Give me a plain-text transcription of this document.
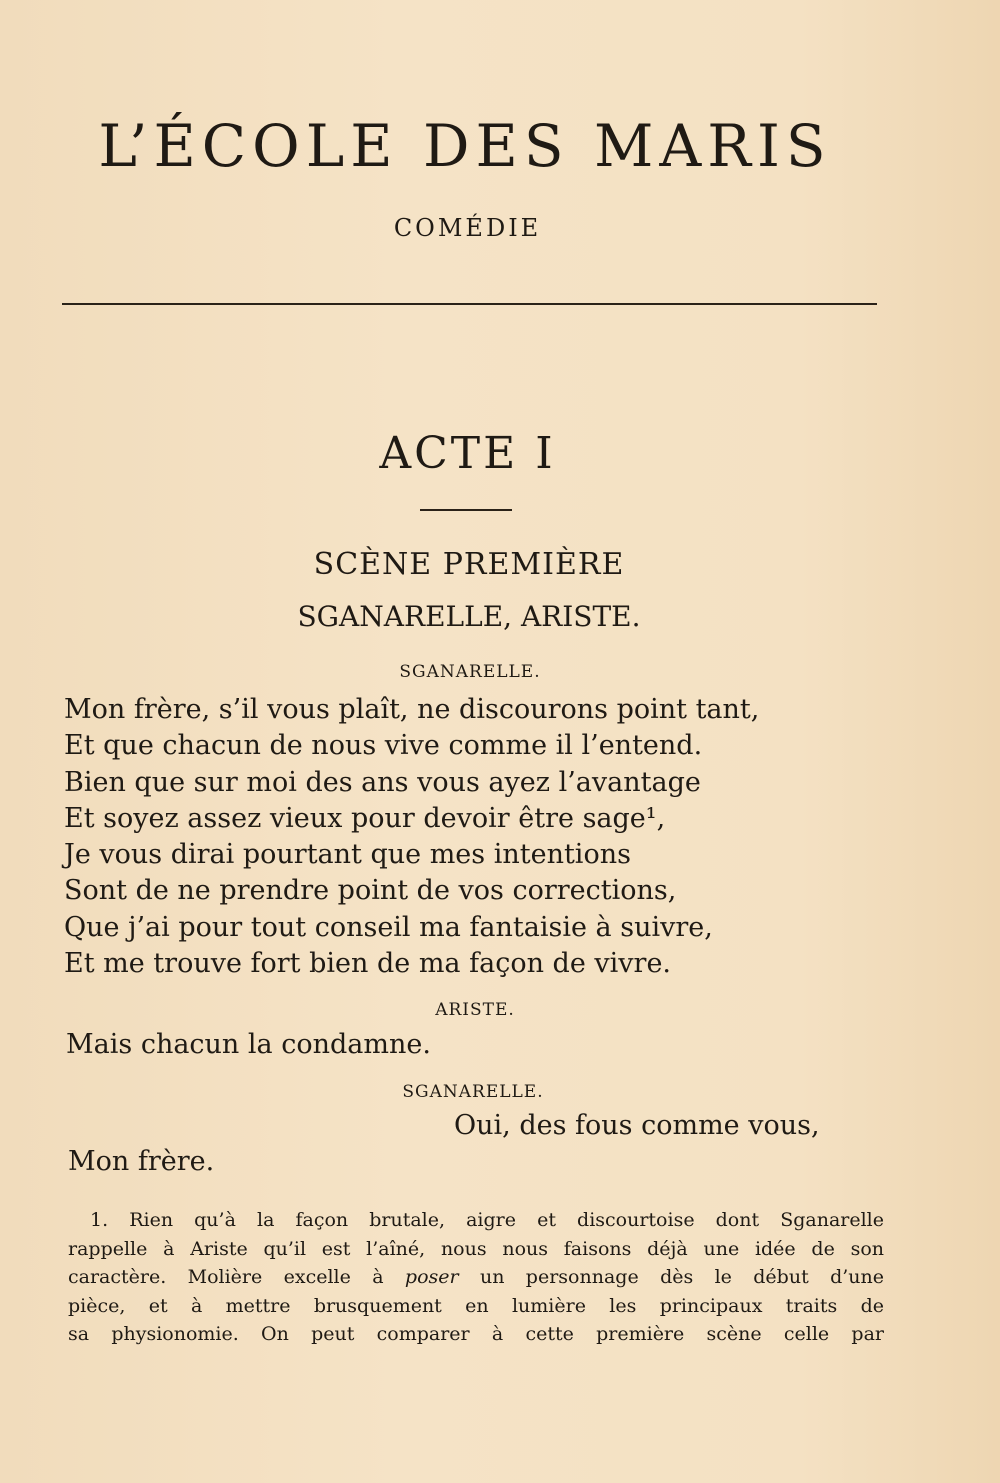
L’ÉCOLE DES MARIS
COMÉDIE
ACTE I
SCÈNE PREMIÈRE
SGANARELLE, ARISTE.
SGANARELLE.
Mon frère, s’il vous plaît, ne discourons point tant,
Et que chacun de nous vive comme il l’entend.
Bien que sur moi des ans vous ayez l’avantage
Et soyez assez vieux pour devoir être sage¹,
Je vous dirai pourtant que mes intentions
Sont de ne prendre point de vos corrections,
Que j’ai pour tout conseil ma fantaisie à suivre,
Et me trouve fort bien de ma façon de vivre.
ARISTE.
Mais chacun la condamne.
SGANARELLE.
Oui, des fous comme vous,
Mon frère.
1. Rien qu’à la façon brutale, aigre et discourtoise dont Sganarelle
rappelle à Ariste qu’il est l’aîné, nous nous faisons déjà une idée de son
caractère. Molière excelle à poser un personnage dès le début d’une
pièce, et à mettre brusquement en lumière les principaux traits de
sa physionomie. On peut comparer à cette première scène celle par
